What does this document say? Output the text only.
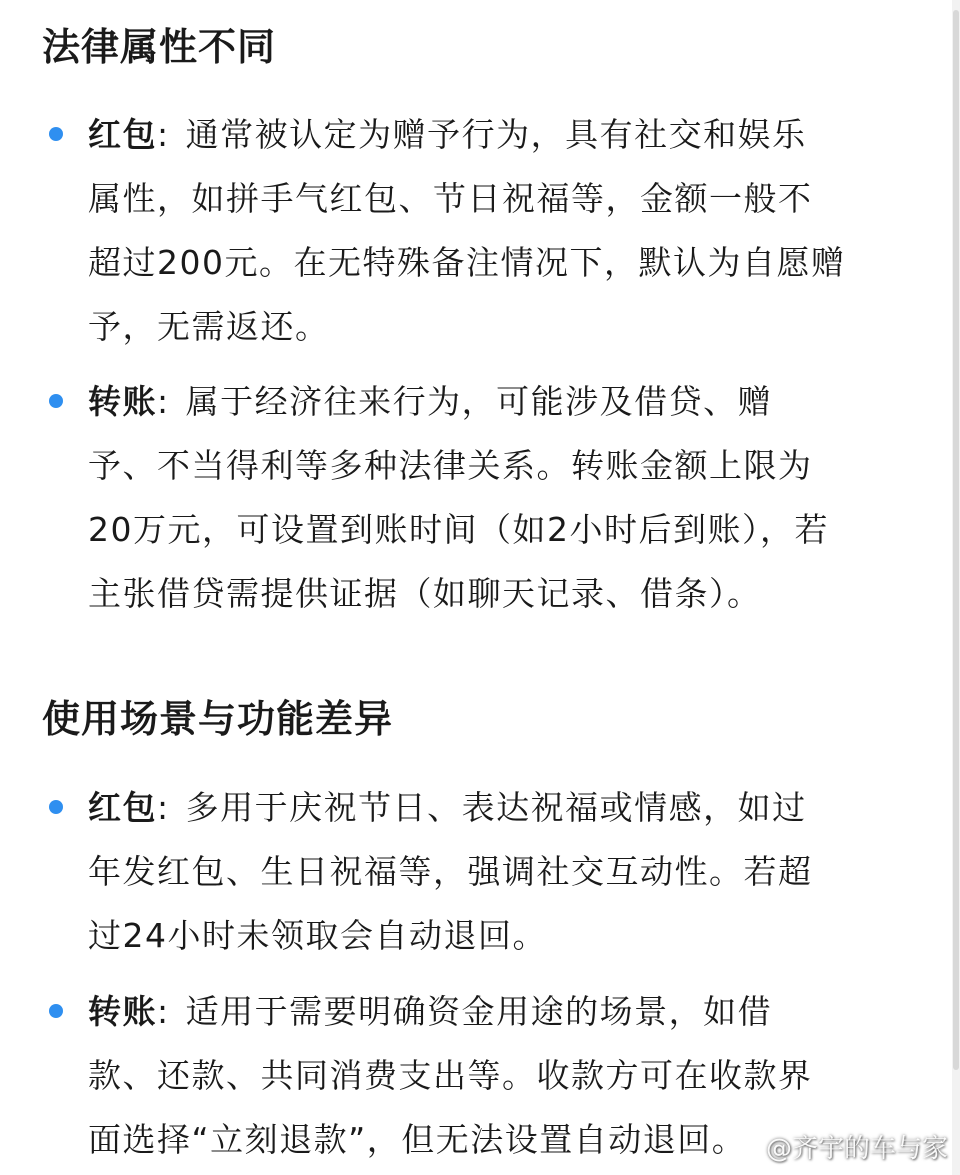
法律属性不同

红包: 通常被认定为赠予行为，具有社交和娱乐
属性，如拼手气红包、节日祝福等，金额一般不
超过200元。在无特殊备注情况下，默认为自愿赠
予，无需返还。

转账: 属于经济往来行为，可能涉及借贷、赠
予、不当得利等多种法律关系。转账金额上限为
20万元，可设置到账时间（如2小时后到账），若
主张借贷需提供证据（如聊天记录、借条）。

使用场景与功能差异

红包: 多用于庆祝节日、表达祝福或情感，如过
年发红包、生日祝福等，强调社交互动性。若超
过24小时未领取会自动退回。

转账: 适用于需要明确资金用途的场景，如借
款、还款、共同消费支出等。收款方可在收款界
面选择“立刻退款”，但无法设置自动退回。 @齐宇的车与家
